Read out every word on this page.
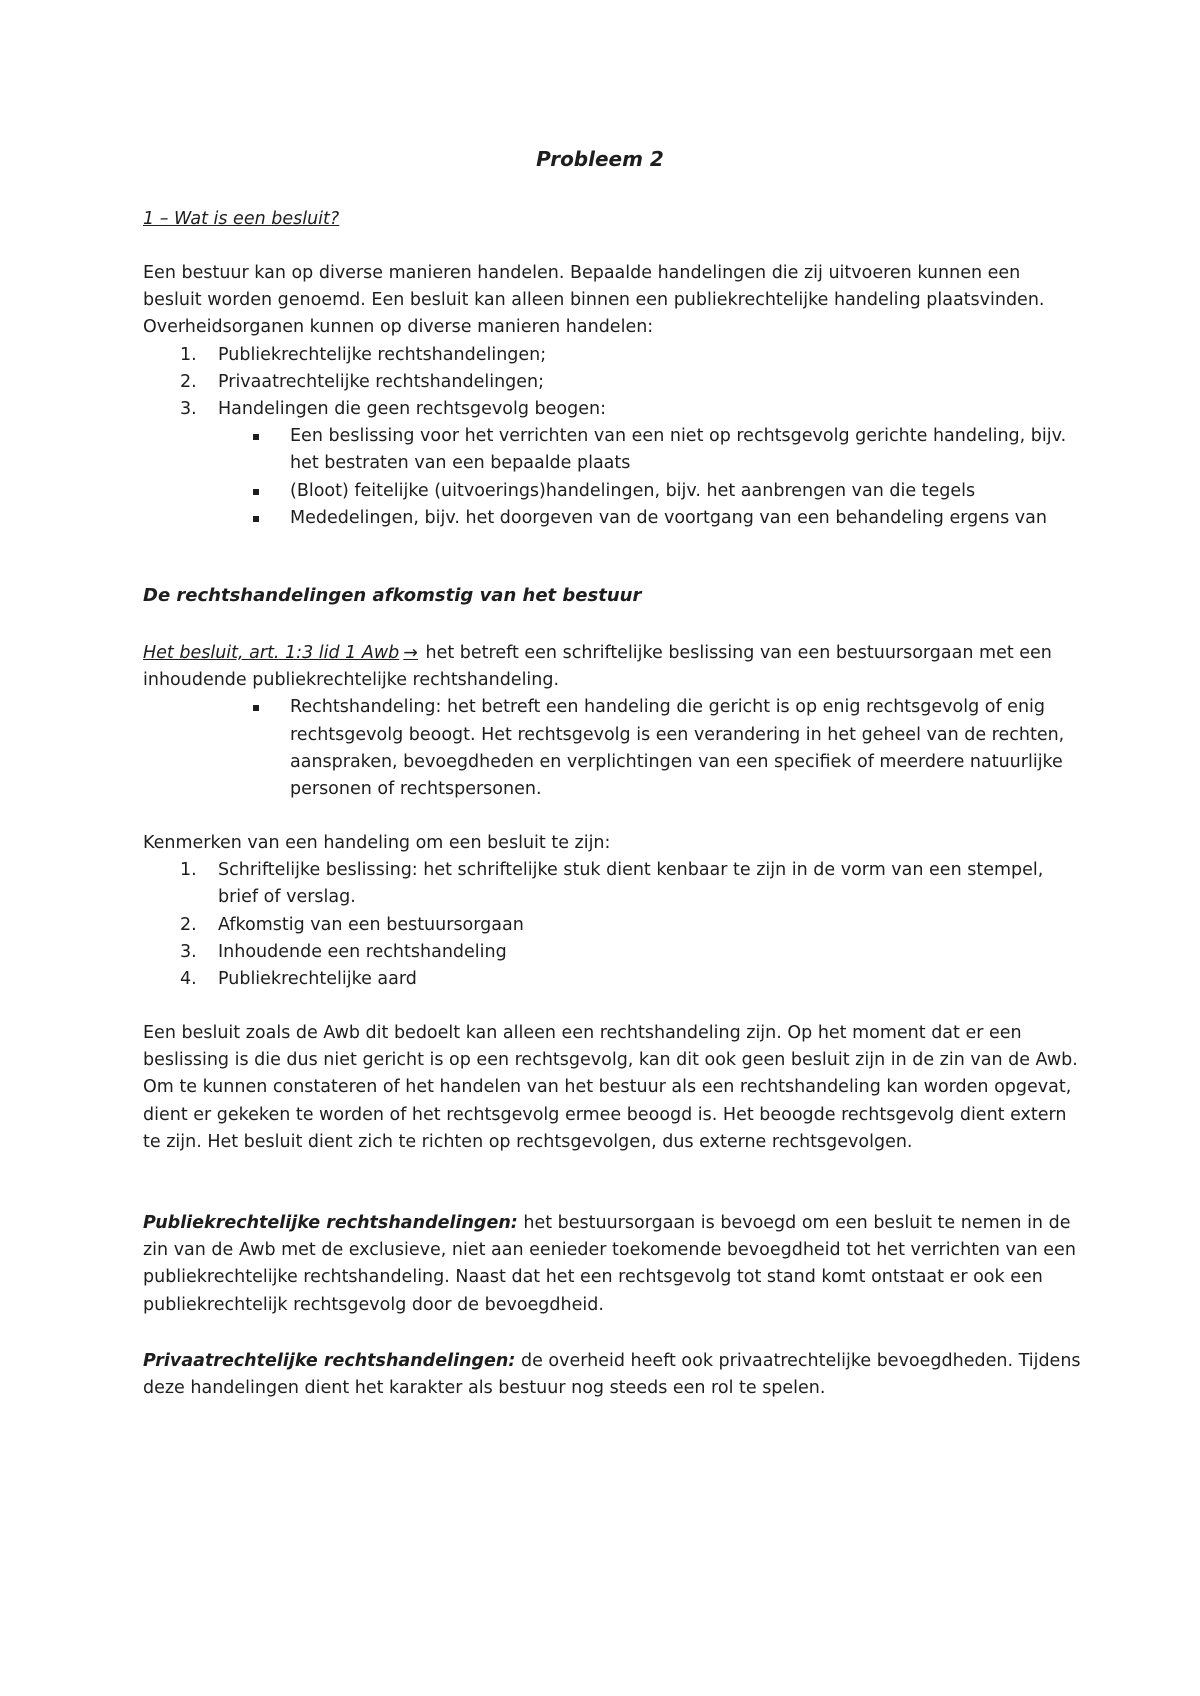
Probleem 2
1 – Wat is een besluit?

Een bestuur kan op diverse manieren handelen. Bepaalde handelingen die zij uitvoeren kunnen een besluit worden genoemd. Een besluit kan alleen binnen een publiekrechtelijke handeling plaatsvinden. Overheidsorganen kunnen op diverse manieren handelen:

1.	Publiekrechtelijke rechtshandelingen;
2.	Privaatrechtelijke rechtshandelingen;
3.	Handelingen die geen rechtsgevolg beogen:
Een beslissing voor het verrichten van een niet op rechtsgevolg gerichte handeling, bijv. het bestraten van een bepaalde plaats
(Bloot) feitelijke (uitvoerings)handelingen, bijv. het aanbrengen van die tegels
Mededelingen, bijv. het doorgeven van de voortgang van een behandeling ergens van
De rechtshandelingen afkomstig van het bestuur

Het besluit, art. 1:3 lid 1 Awb → het betreft een schriftelijke beslissing van een bestuursorgaan met een inhoudende publiekrechtelijke rechtshandeling.

Rechtshandeling: het betreft een handeling die gericht is op enig rechtsgevolg of enig rechtsgevolg beoogt. Het rechtsgevolg is een verandering in het geheel van de rechten, aanspraken, bevoegdheden en verplichtingen van een specifiek of meerdere natuurlijke personen of rechtspersonen.

Kenmerken van een handeling om een besluit te zijn:

1.	Schriftelijke beslissing: het schriftelijke stuk dient kenbaar te zijn in de vorm van een stempel, brief of verslag.
2.	Afkomstig van een bestuursorgaan
3.	Inhoudende een rechtshandeling
4.	Publiekrechtelijke aard

Een besluit zoals de Awb dit bedoelt kan alleen een rechtshandeling zijn. Op het moment dat er een beslissing is die dus niet gericht is op een rechtsgevolg, kan dit ook geen besluit zijn in de zin van de Awb. Om te kunnen constateren of het handelen van het bestuur als een rechtshandeling kan worden opgevat, dient er gekeken te worden of het rechtsgevolg ermee beoogd is. Het beoogde rechtsgevolg dient extern te zijn. Het besluit dient zich te richten op rechtsgevolgen, dus externe rechtsgevolgen.

Publiekrechtelijke rechtshandelingen: het bestuursorgaan is bevoegd om een besluit te nemen in de zin van de Awb met de exclusieve, niet aan eenieder toekomende bevoegdheid tot het verrichten van een publiekrechtelijke rechtshandeling. Naast dat het een rechtsgevolg tot stand komt ontstaat er ook een publiekrechtelijk rechtsgevolg door de bevoegdheid.

Privaatrechtelijke rechtshandelingen: de overheid heeft ook privaatrechtelijke bevoegdheden. Tijdens deze handelingen dient het karakter als bestuur nog steeds een rol te spelen.
